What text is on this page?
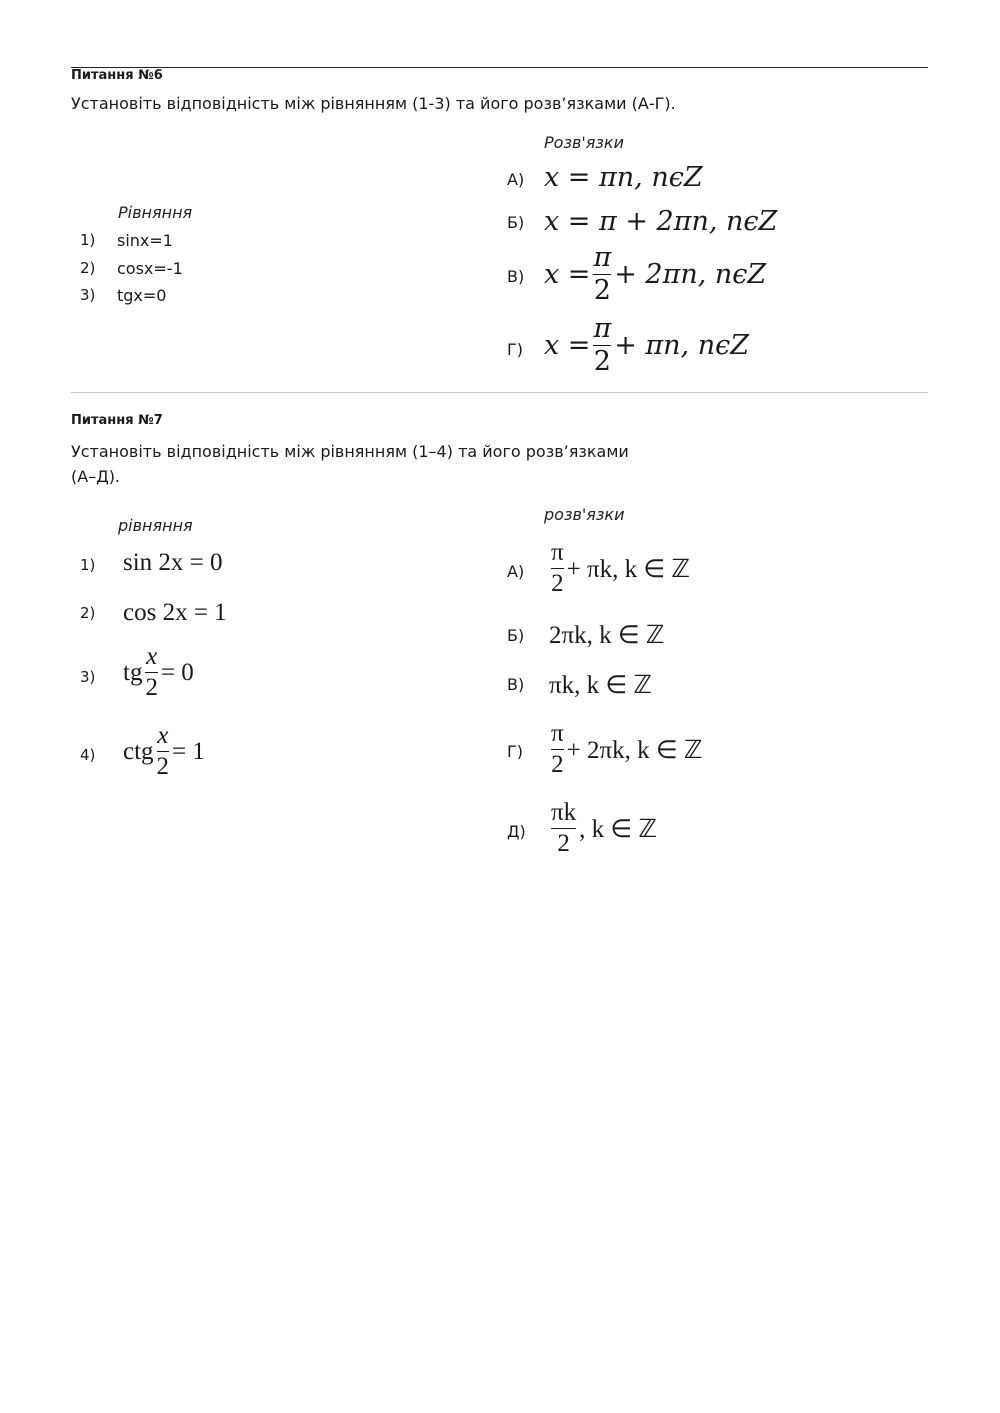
Питання №6
Установіть відповідність між рівнянням (1-3) та його розв’язками (А-Г).
Розв'язки
Рівняння
1) sinx=1
2) cosx=-1
3) tgx=0
А) x = πn, nϵZ
Б) x = π + 2πn, nϵZ
В) $x = \frac{\pi}{2} + 2\pi n$, nϵZ
Г) $x = \frac{\pi}{2} + \pi n$, nϵZ
Питання №7
Установіть відповідність між рівнянням (1–4) та його розв’язками
(А–Д).
розв'язки
рівняння
1) sin 2x = 0
2) cos 2x = 1
3) tg $\frac{x}{2} = 0$
4) ctg $\frac{x}{2} = 1$
$А) \frac{\pi}{2} + \pi k$, k ∈ ℤ
Б) 2πk, k ∈ ℤ
В) πk, k ∈ ℤ
$Г) \frac{\pi}{2} + 2\pi k$, k ∈ ℤ
$Д) \frac{\pi k}{2}$ , k ∈ ℤ
